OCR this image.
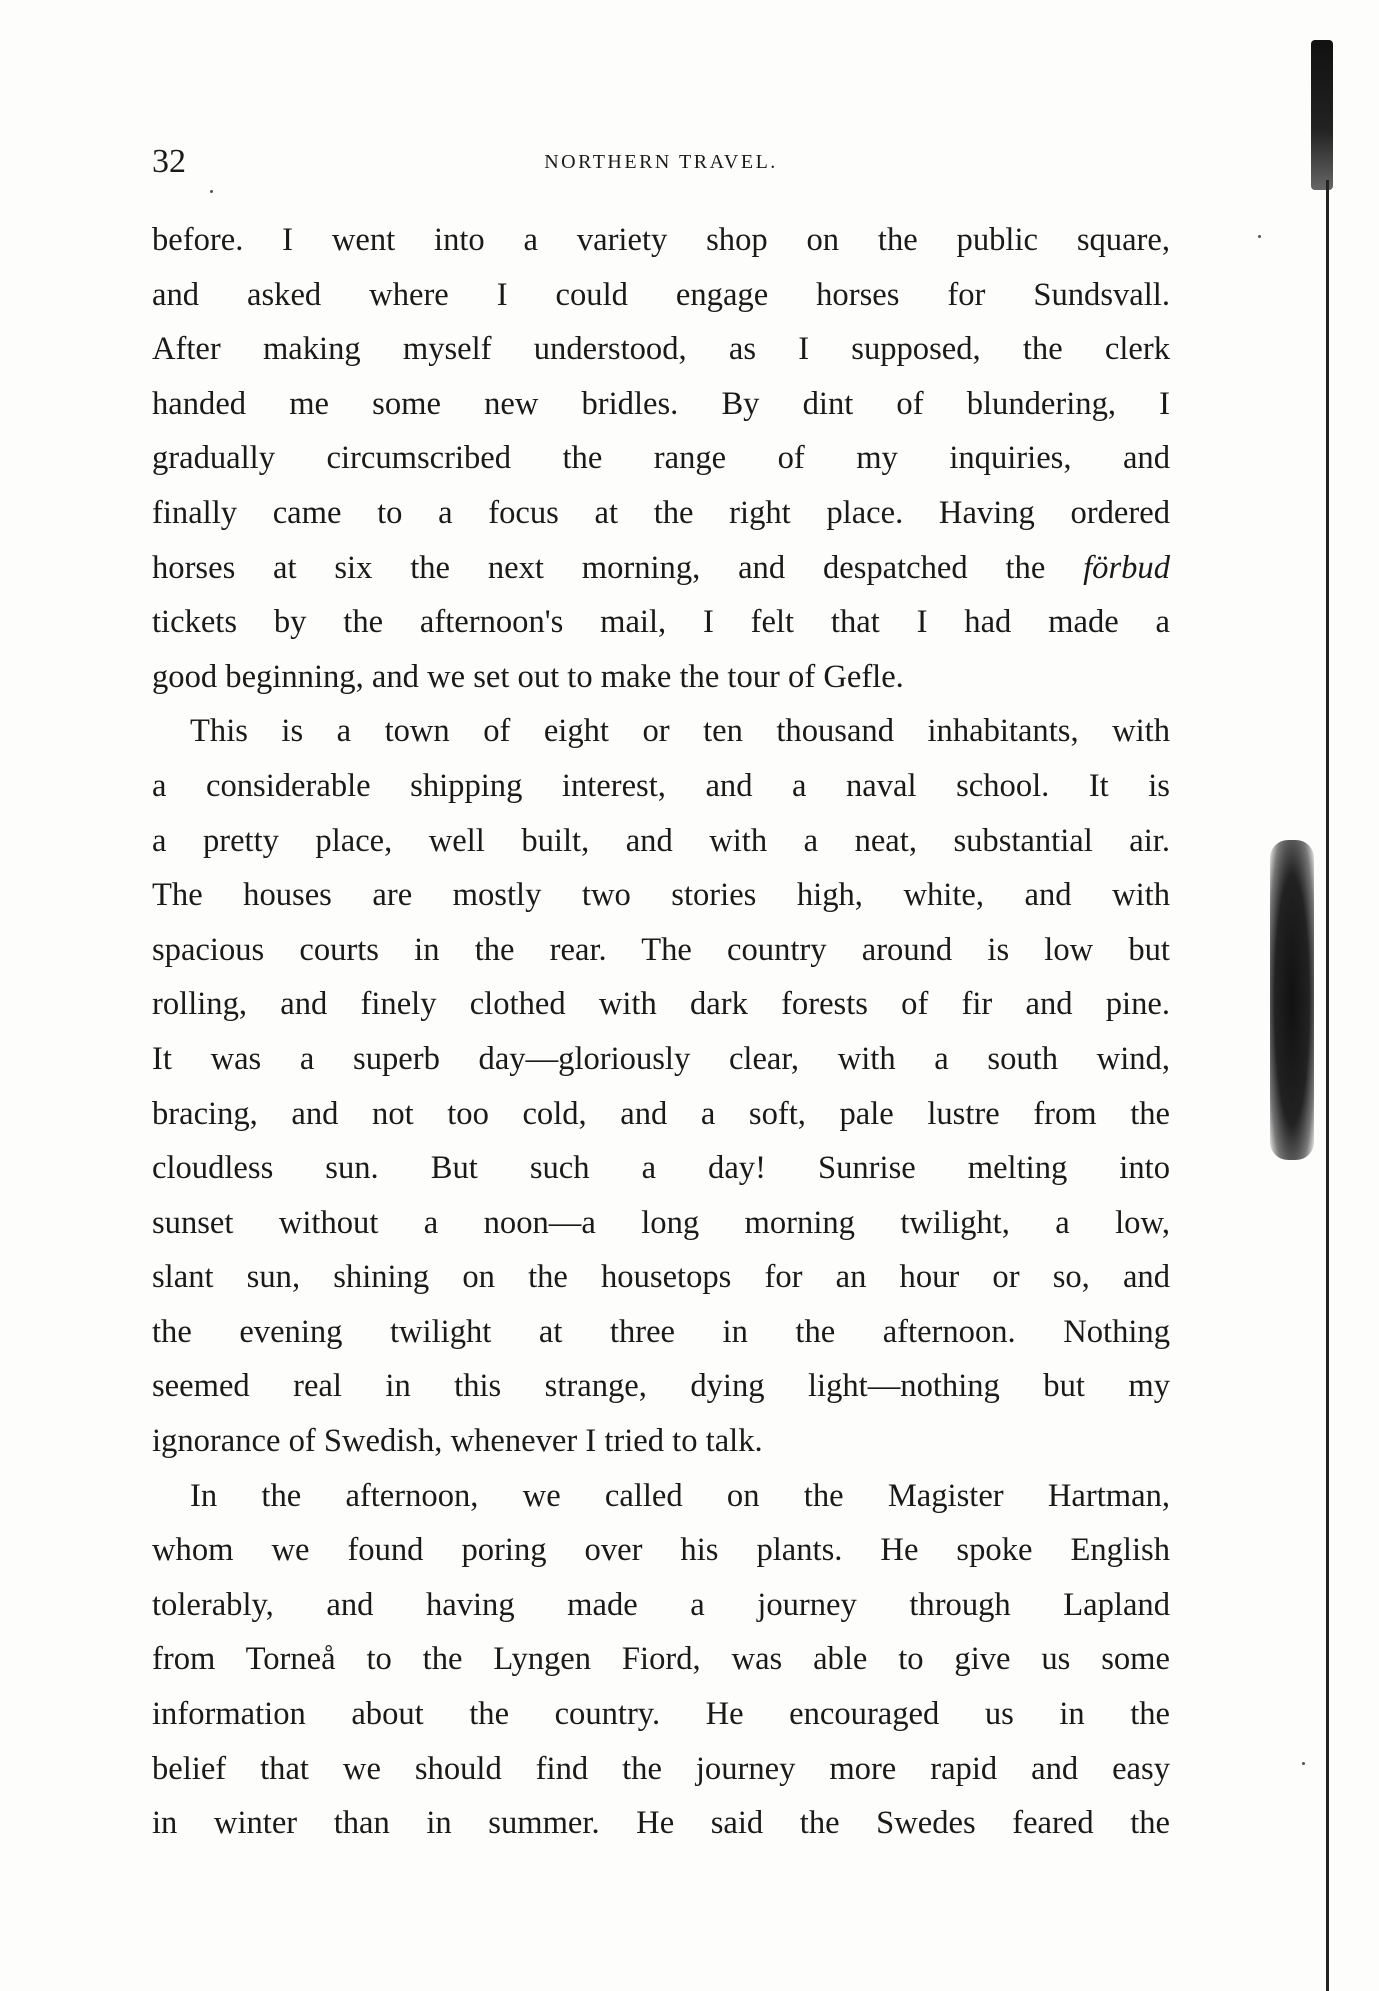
32	NORTHERN TRAVEL.
before. I went into a variety shop on the public square,
and asked where I could engage horses for Sundsvall.
After making myself understood, as I supposed, the clerk
handed me some new bridles. By dint of blundering, I
gradually circumscribed the range of my inquiries, and
finally came to a focus at the right place. Having ordered
horses at six the next morning, and despatched the förbud
tickets by the afternoon's mail, I felt that I had made a
good beginning, and we set out to make the tour of Gefle.
This is a town of eight or ten thousand inhabitants, with
a considerable shipping interest, and a naval school. It is
a pretty place, well built, and with a neat, substantial air.
The houses are mostly two stories high, white, and with
spacious courts in the rear. The country around is low but
rolling, and finely clothed with dark forests of fir and pine.
It was a superb day—gloriously clear, with a south wind,
bracing, and not too cold, and a soft, pale lustre from the
cloudless sun. But such a day! Sunrise melting into
sunset without a noon—a long morning twilight, a low,
slant sun, shining on the housetops for an hour or so, and
the evening twilight at three in the afternoon. Nothing
seemed real in this strange, dying light—nothing but my
ignorance of Swedish, whenever I tried to talk.
In the afternoon, we called on the Magister Hartman,
whom we found poring over his plants. He spoke English
tolerably, and having made a journey through Lapland
from Torneå to the Lyngen Fiord, was able to give us some
information about the country. He encouraged us in the
belief that we should find the journey more rapid and easy
in winter than in summer. He said the Swedes feared the
